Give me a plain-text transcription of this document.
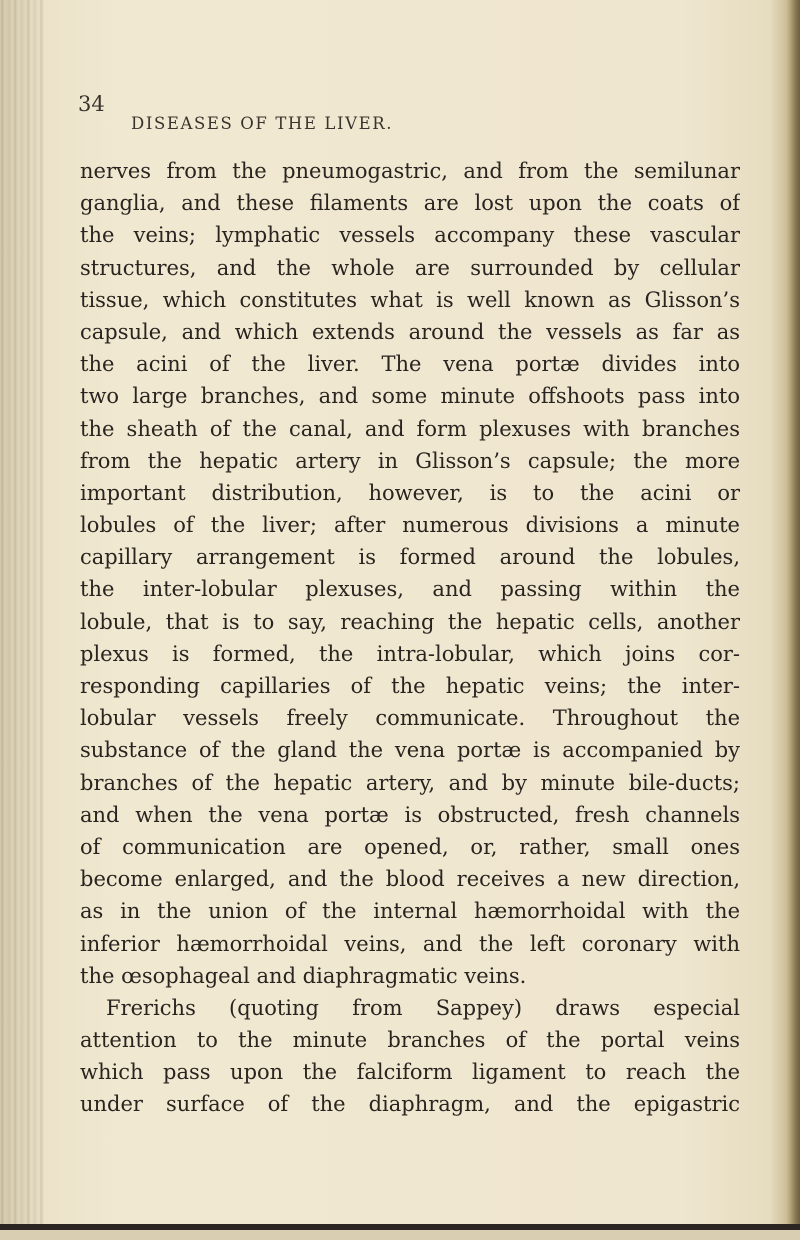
34
DISEASES OF THE LIVER.
nerves from the pneumogastric, and from the semilunar
ganglia, and these filaments are lost upon the coats of
the veins; lymphatic vessels accompany these vascular
structures, and the whole are surrounded by cellular
tissue, which constitutes what is well known as Glisson’s
capsule, and which extends around the vessels as far as
the acini of the liver. The vena portæ divides into
two large branches, and some minute offshoots pass into
the sheath of the canal, and form plexuses with branches
from the hepatic artery in Glisson’s capsule; the more
important distribution, however, is to the acini or
lobules of the liver; after numerous divisions a minute
capillary arrangement is formed around the lobules,
the inter-lobular plexuses, and passing within the
lobule, that is to say, reaching the hepatic cells, another
plexus is formed, the intra-lobular, which joins cor-
responding capillaries of the hepatic veins; the inter-
lobular vessels freely communicate. Throughout the
substance of the gland the vena portæ is accompanied by
branches of the hepatic artery, and by minute bile-ducts;
and when the vena portæ is obstructed, fresh channels
of communication are opened, or, rather, small ones
become enlarged, and the blood receives a new direction,
as in the union of the internal hæmorrhoidal with the
inferior hæmorrhoidal veins, and the left coronary with
the œsophageal and diaphragmatic veins.
Frerichs (quoting from Sappey) draws especial
attention to the minute branches of the portal veins
which pass upon the falciform ligament to reach the
under surface of the diaphragm, and the epigastric
